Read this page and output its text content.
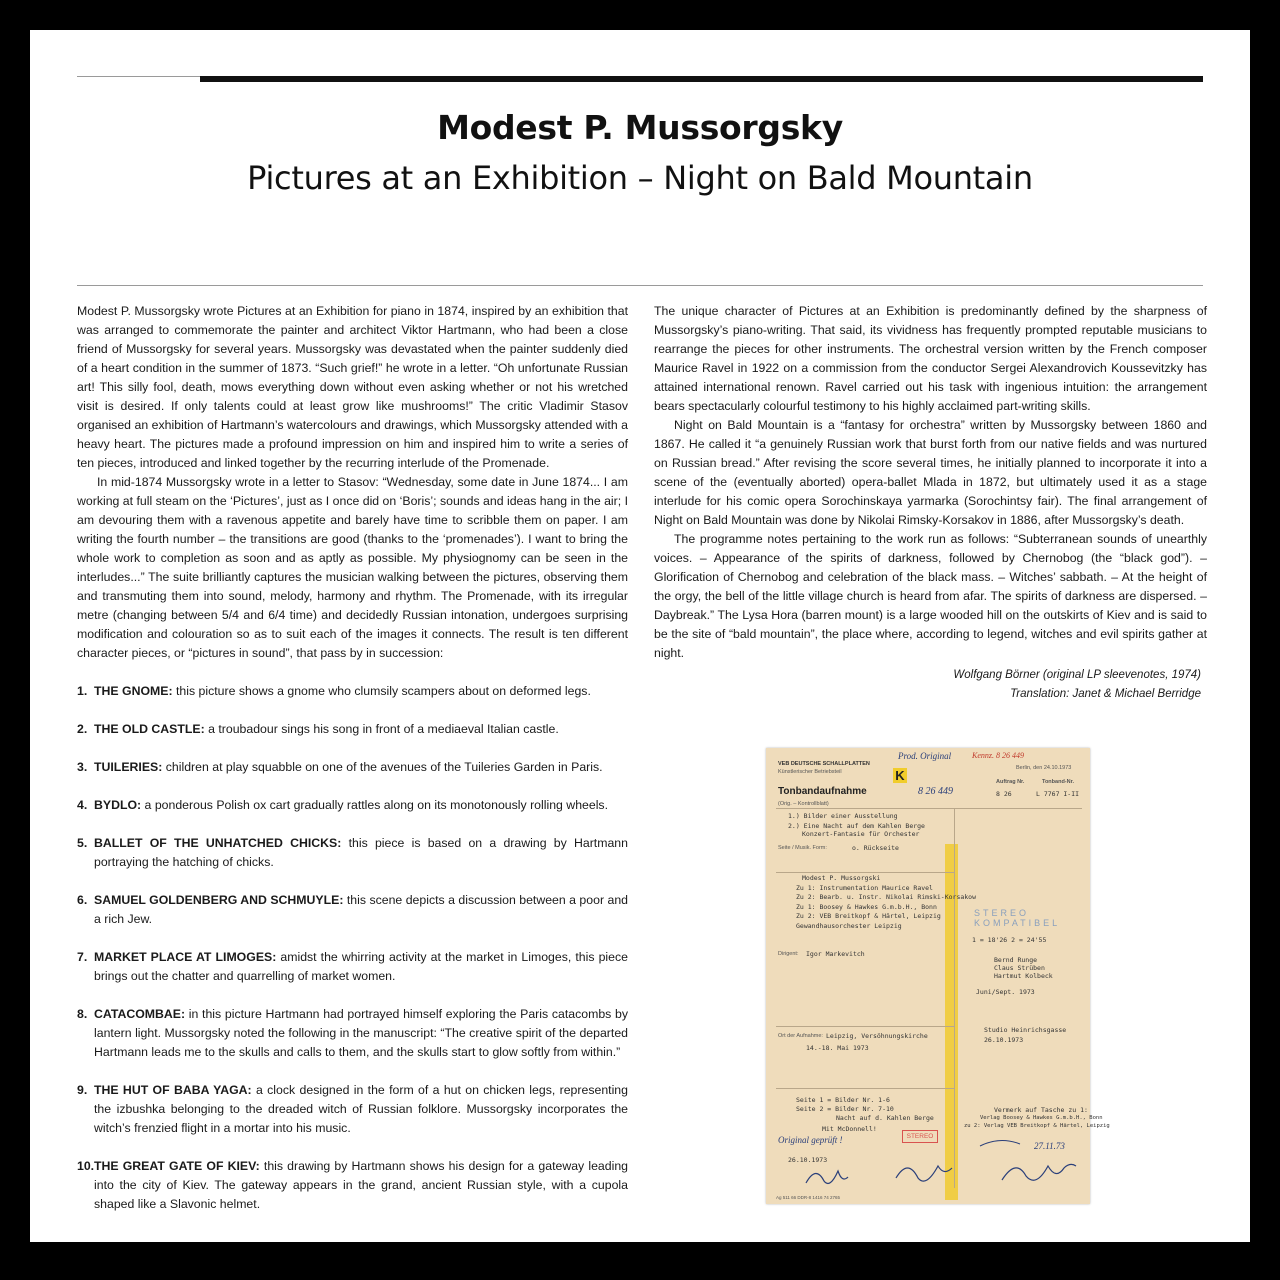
Modest P. Mussorgsky
Pictures at an Exhibition – Night on Bald Mountain

Modest P. Mussorgsky wrote Pictures at an Exhibition for piano in 1874, inspired by an exhibition that was arranged to commemorate the painter and architect Viktor Hartmann, who had been a close friend of Mussorgsky for several years. Mussorgsky was devastated when the painter suddenly died of a heart condition in the summer of 1873. “Such grief!” he wrote in a letter. “Oh unfortunate Russian art! This silly fool, death, mows everything down without even asking whether or not his wretched visit is desired. If only talents could at least grow like mushrooms!” The critic Vladimir Stasov organised an exhibition of Hartmann’s watercolours and drawings, which Mussorgsky attended with a heavy heart. The pictures made a profound impression on him and inspired him to write a series of ten pieces, introduced and linked together by the recurring interlude of the Promenade.

In mid-1874 Mussorgsky wrote in a letter to Stasov: “Wednesday, some date in June 1874... I am working at full steam on the ‘Pictures’, just as I once did on ‘Boris’; sounds and ideas hang in the air; I am devouring them with a ravenous appetite and barely have time to scribble them on paper. I am writing the fourth number – the transitions are good (thanks to the ‘promenades’). I want to bring the whole work to completion as soon and as aptly as possible. My physiognomy can be seen in the interludes...” The suite brilliantly captures the musician walking between the pictures, observing them and transmuting them into sound, melody, harmony and rhythm. The Promenade, with its irregular metre (changing between 5/4 and 6/4 time) and decidedly Russian intonation, undergoes surprising modification and colouration so as to suit each of the images it connects. The result is ten different character pieces, or “pictures in sound”, that pass by in succession:

1. THE GNOME: this picture shows a gnome who clumsily scampers about on deformed legs.
2. THE OLD CASTLE: a troubadour sings his song in front of a mediaeval Italian castle.
3. TUILERIES: children at play squabble on one of the avenues of the Tuileries Garden in Paris.
4. BYDLO: a ponderous Polish ox cart gradually rattles along on its monotonously rolling wheels.
5. BALLET OF THE UNHATCHED CHICKS: this piece is based on a drawing by Hartmann portraying the hatching of chicks.
6. SAMUEL GOLDENBERG AND SCHMUYLE: this scene depicts a discussion between a poor and a rich Jew.
7. MARKET PLACE AT LIMOGES: amidst the whirring activity at the market in Limoges, this piece brings out the chatter and quarrelling of market women.
8. CATACOMBAE: in this picture Hartmann had portrayed himself exploring the Paris catacombs by lantern light. Mussorgsky noted the following in the manuscript: “The creative spirit of the departed Hartmann leads me to the skulls and calls to them, and the skulls start to glow softly from within.”
9. THE HUT OF BABA YAGA: a clock designed in the form of a hut on chicken legs, representing the izbushka belonging to the dreaded witch of Russian folklore. Mussorgsky incorporates the witch’s frenzied flight in a mortar into his music.
10. THE GREAT GATE OF KIEV: this drawing by Hartmann shows his design for a gateway leading into the city of Kiev. The gateway appears in the grand, ancient Russian style, with a cupola shaped like a Slavonic helmet.

The unique character of Pictures at an Exhibition is predominantly defined by the sharpness of Mussorgsky’s piano-writing. That said, its vividness has frequently prompted reputable musicians to rearrange the pieces for other instruments. The orchestral version written by the French composer Maurice Ravel in 1922 on a commission from the conductor Sergei Alexandrovich Koussevitzky has attained international renown. Ravel carried out his task with ingenious intuition: the arrangement bears spectacularly colourful testimony to his highly acclaimed part-writing skills.

Night on Bald Mountain is a “fantasy for orchestra” written by Mussorgsky between 1860 and 1867. He called it “a genuinely Russian work that burst forth from our native fields and was nurtured on Russian bread.” After revising the score several times, he initially planned to incorporate it into a scene of the (eventually aborted) opera-ballet Mlada in 1872, but ultimately used it as a stage interlude for his comic opera Sorochinskaya yarmarka (Sorochintsy fair). The final arrangement of Night on Bald Mountain was done by Nikolai Rimsky-Korsakov in 1886, after Mussorgsky’s death.

The programme notes pertaining to the work run as follows: “Subterranean sounds of unearthly voices. – Appearance of the spirits of darkness, followed by Chernobog (the “black god”). – Glorification of Chernobog and celebration of the black mass. – Witches’ sabbath. – At the height of the orgy, the bell of the little village church is heard from afar. The spirits of darkness are dispersed. – Daybreak.” The Lysa Hora (barren mount) is a large wooded hill on the outskirts of Kiev and is said to be the site of “bald mountain”, the place where, according to legend, witches and evil spirits gather at night.

Wolfgang Börner (original LP sleevenotes, 1974)
Translation: Janet & Michael Berridge
VEB DEUTSCHE SCHALLPLATTEN
Künstlerischer Betriebsteil
Prod. Original	Kennz. 8 26 449
K	Berlin, den 24.10.1973
Tonbandaufnahme
(Orig. – Kontrollblatt)
8 26 449
Auftrag Nr.	Tonband-Nr.
8 26	L 7767 I-II
1.) Bilder einer Ausstellung
2.) Eine Nacht auf dem Kahlen Berge
Konzert-Fantasie für Orchester
Seite / Musik. Form:	o. Rückseite
Modest P. Mussorgski
Zu 1: Instrumentation Maurice Ravel
Zu 2: Bearb. u. Instr. Nikolai Rimski-Korsakow
Zu 1: Boosey & Hawkes G.m.b.H., Bonn
Zu 2: VEB Breitkopf & Härtel, Leipzig	STEREO
KOMPATIBEL
Gewandhausorchester Leipzig
Dirigent: Igor Markevitch
1 = 18'26 2 = 24'55
Bernd Runge
Claus Strüben
Hartmut Kolbeck
Juni/Sept. 1973
Studio Heinrichsgasse
26.10.1973
Ort der Aufnahme: Leipzig, Versöhnungskirche
14.-18. Mai 1973
Seite 1 = Bilder Nr. 1-6
Seite 2 = Bilder Nr. 7-10
Nacht auf d. Kahlen Berge
Mit McDonnell!
Original geprüft !	STEREO
26.10.1973
27.11.73
Vermerk auf Tasche zu 1:
Verlag Boosey & Hawkes G.m.b.H., Bonn
zu 2: Verlag VEB Breitkopf & Härtel, Leipzig
Ag 511 66 DDR-8 1416 74 2765
